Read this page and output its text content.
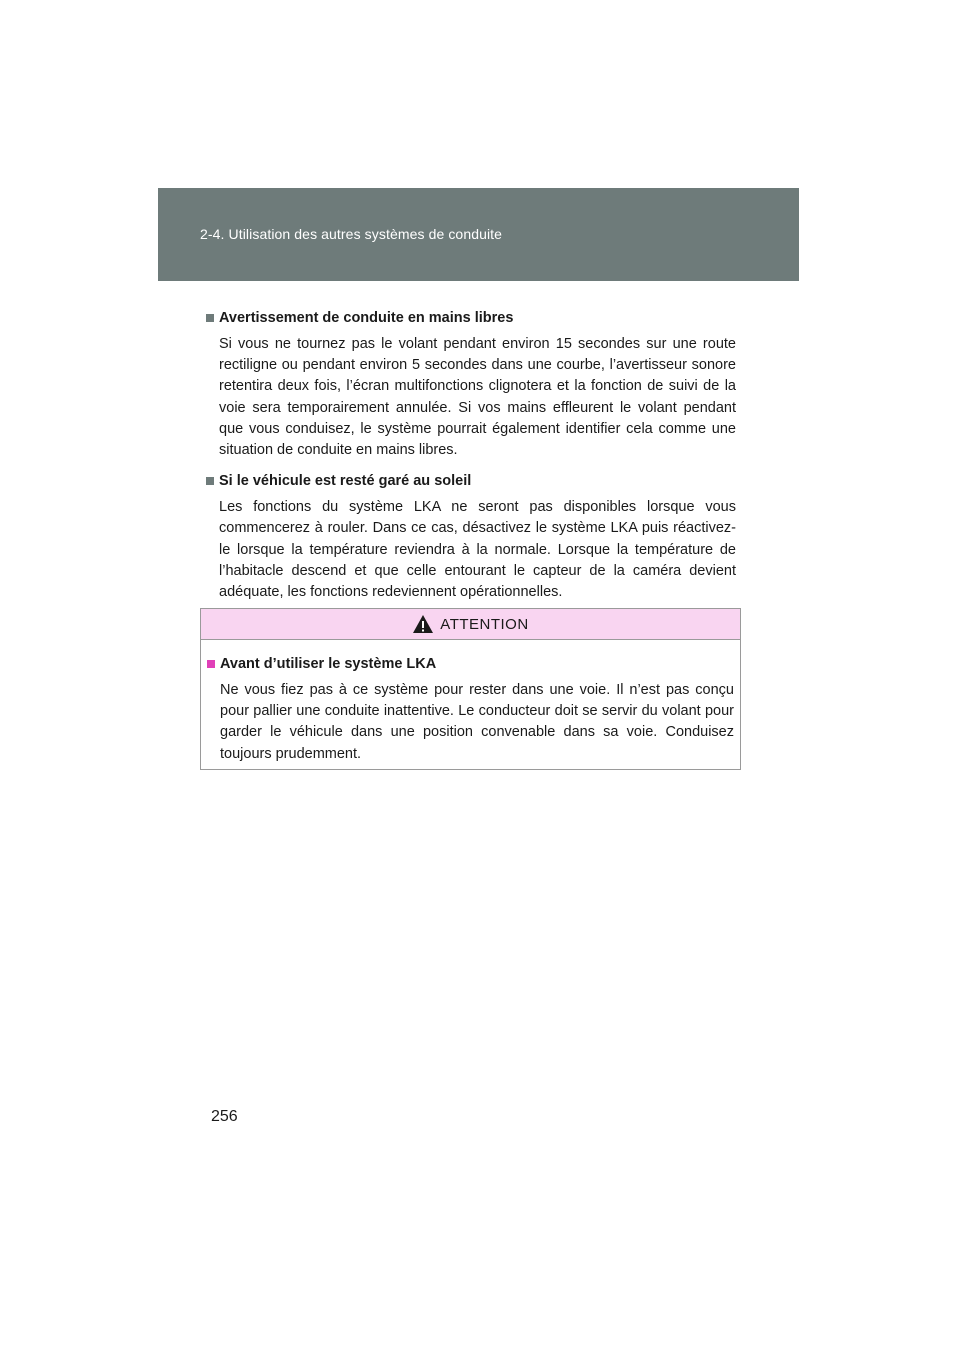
2-4. Utilisation des autres systèmes de conduite
Avertissement de conduite en mains libres
Si vous ne tournez pas le volant pendant environ 15 secondes sur une route rectiligne ou pendant environ 5 secondes dans une courbe, l’avertisseur sonore retentira deux fois, l’écran multifonctions clignotera et la fonction de suivi de la voie sera temporairement annulée. Si vos mains effleurent le volant pendant que vous conduisez, le système pourrait également identifier cela comme une situation de conduite en mains libres.
Si le véhicule est resté garé au soleil
Les fonctions du système LKA ne seront pas disponibles lorsque vous commencerez à rouler. Dans ce cas, désactivez le système LKA puis réactivez-le lorsque la température reviendra à la normale. Lorsque la température de l’habitacle descend et que celle entourant le capteur de la caméra devient adéquate, les fonctions redeviennent opérationnelles.
ATTENTION
Avant d’utiliser le système LKA
Ne vous fiez pas à ce système pour rester dans une voie. Il n’est pas conçu pour pallier une conduite inattentive. Le conducteur doit se servir du volant pour garder le véhicule dans une position convenable dans sa voie. Conduisez toujours prudemment.
256
